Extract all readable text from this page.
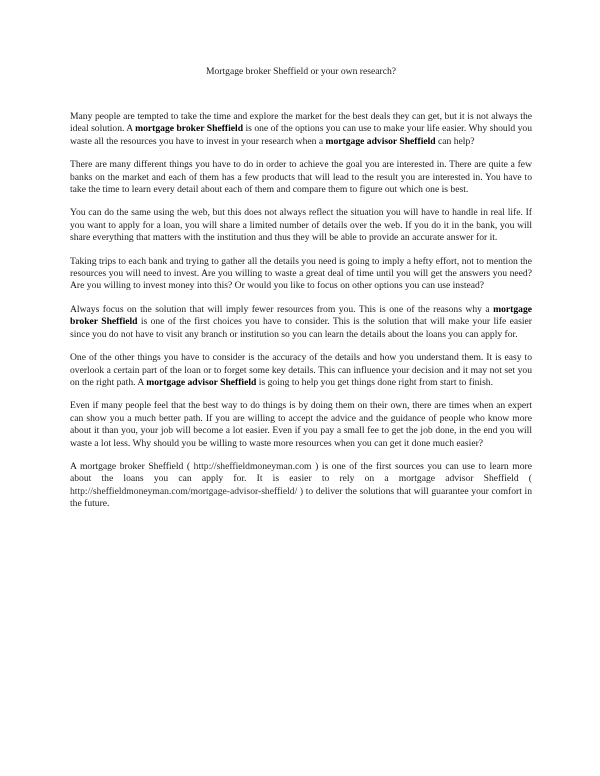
Mortgage broker Sheffield or your own research?

Many people are tempted to take the time and explore the market for the best deals they can get, but it is not always the ideal solution. A mortgage broker Sheffield is one of the options you can use to make your life easier. Why should you waste all the resources you have to invest in your research when a mortgage advisor Sheffield can help?

There are many different things you have to do in order to achieve the goal you are interested in. There are quite a few banks on the market and each of them has a few products that will lead to the result you are interested in. You have to take the time to learn every detail about each of them and compare them to figure out which one is best.

You can do the same using the web, but this does not always reflect the situation you will have to handle in real life. If you want to apply for a loan, you will share a limited number of details over the web. If you do it in the bank, you will share everything that matters with the institution and thus they will be able to provide an accurate answer for it.

Taking trips to each bank and trying to gather all the details you need is going to imply a hefty effort, not to mention the resources you will need to invest. Are you willing to waste a great deal of time until you will get the answers you need? Are you willing to invest money into this? Or would you like to focus on other options you can use instead?

Always focus on the solution that will imply fewer resources from you. This is one of the reasons why a mortgage broker Sheffield is one of the first choices you have to consider. This is the solution that will make your life easier since you do not have to visit any branch or institution so you can learn the details about the loans you can apply for.

One of the other things you have to consider is the accuracy of the details and how you understand them. It is easy to overlook a certain part of the loan or to forget some key details. This can influence your decision and it may not set you on the right path. A mortgage advisor Sheffield is going to help you get things done right from start to finish.

Even if many people feel that the best way to do things is by doing them on their own, there are times when an expert can show you a much better path. If you are willing to accept the advice and the guidance of people who know more about it than you, your job will become a lot easier. Even if you pay a small fee to get the job done, in the end you will waste a lot less. Why should you be willing to waste more resources when you can get it done much easier?

A mortgage broker Sheffield ( http://sheffieldmoneyman.com ) is one of the first sources you can use to learn more about the loans you can apply for. It is easier to rely on a mortgage advisor Sheffield ( http://sheffieldmoneyman.com/mortgage-advisor-sheffield/ ) to deliver the solutions that will guarantee your comfort in the future.
